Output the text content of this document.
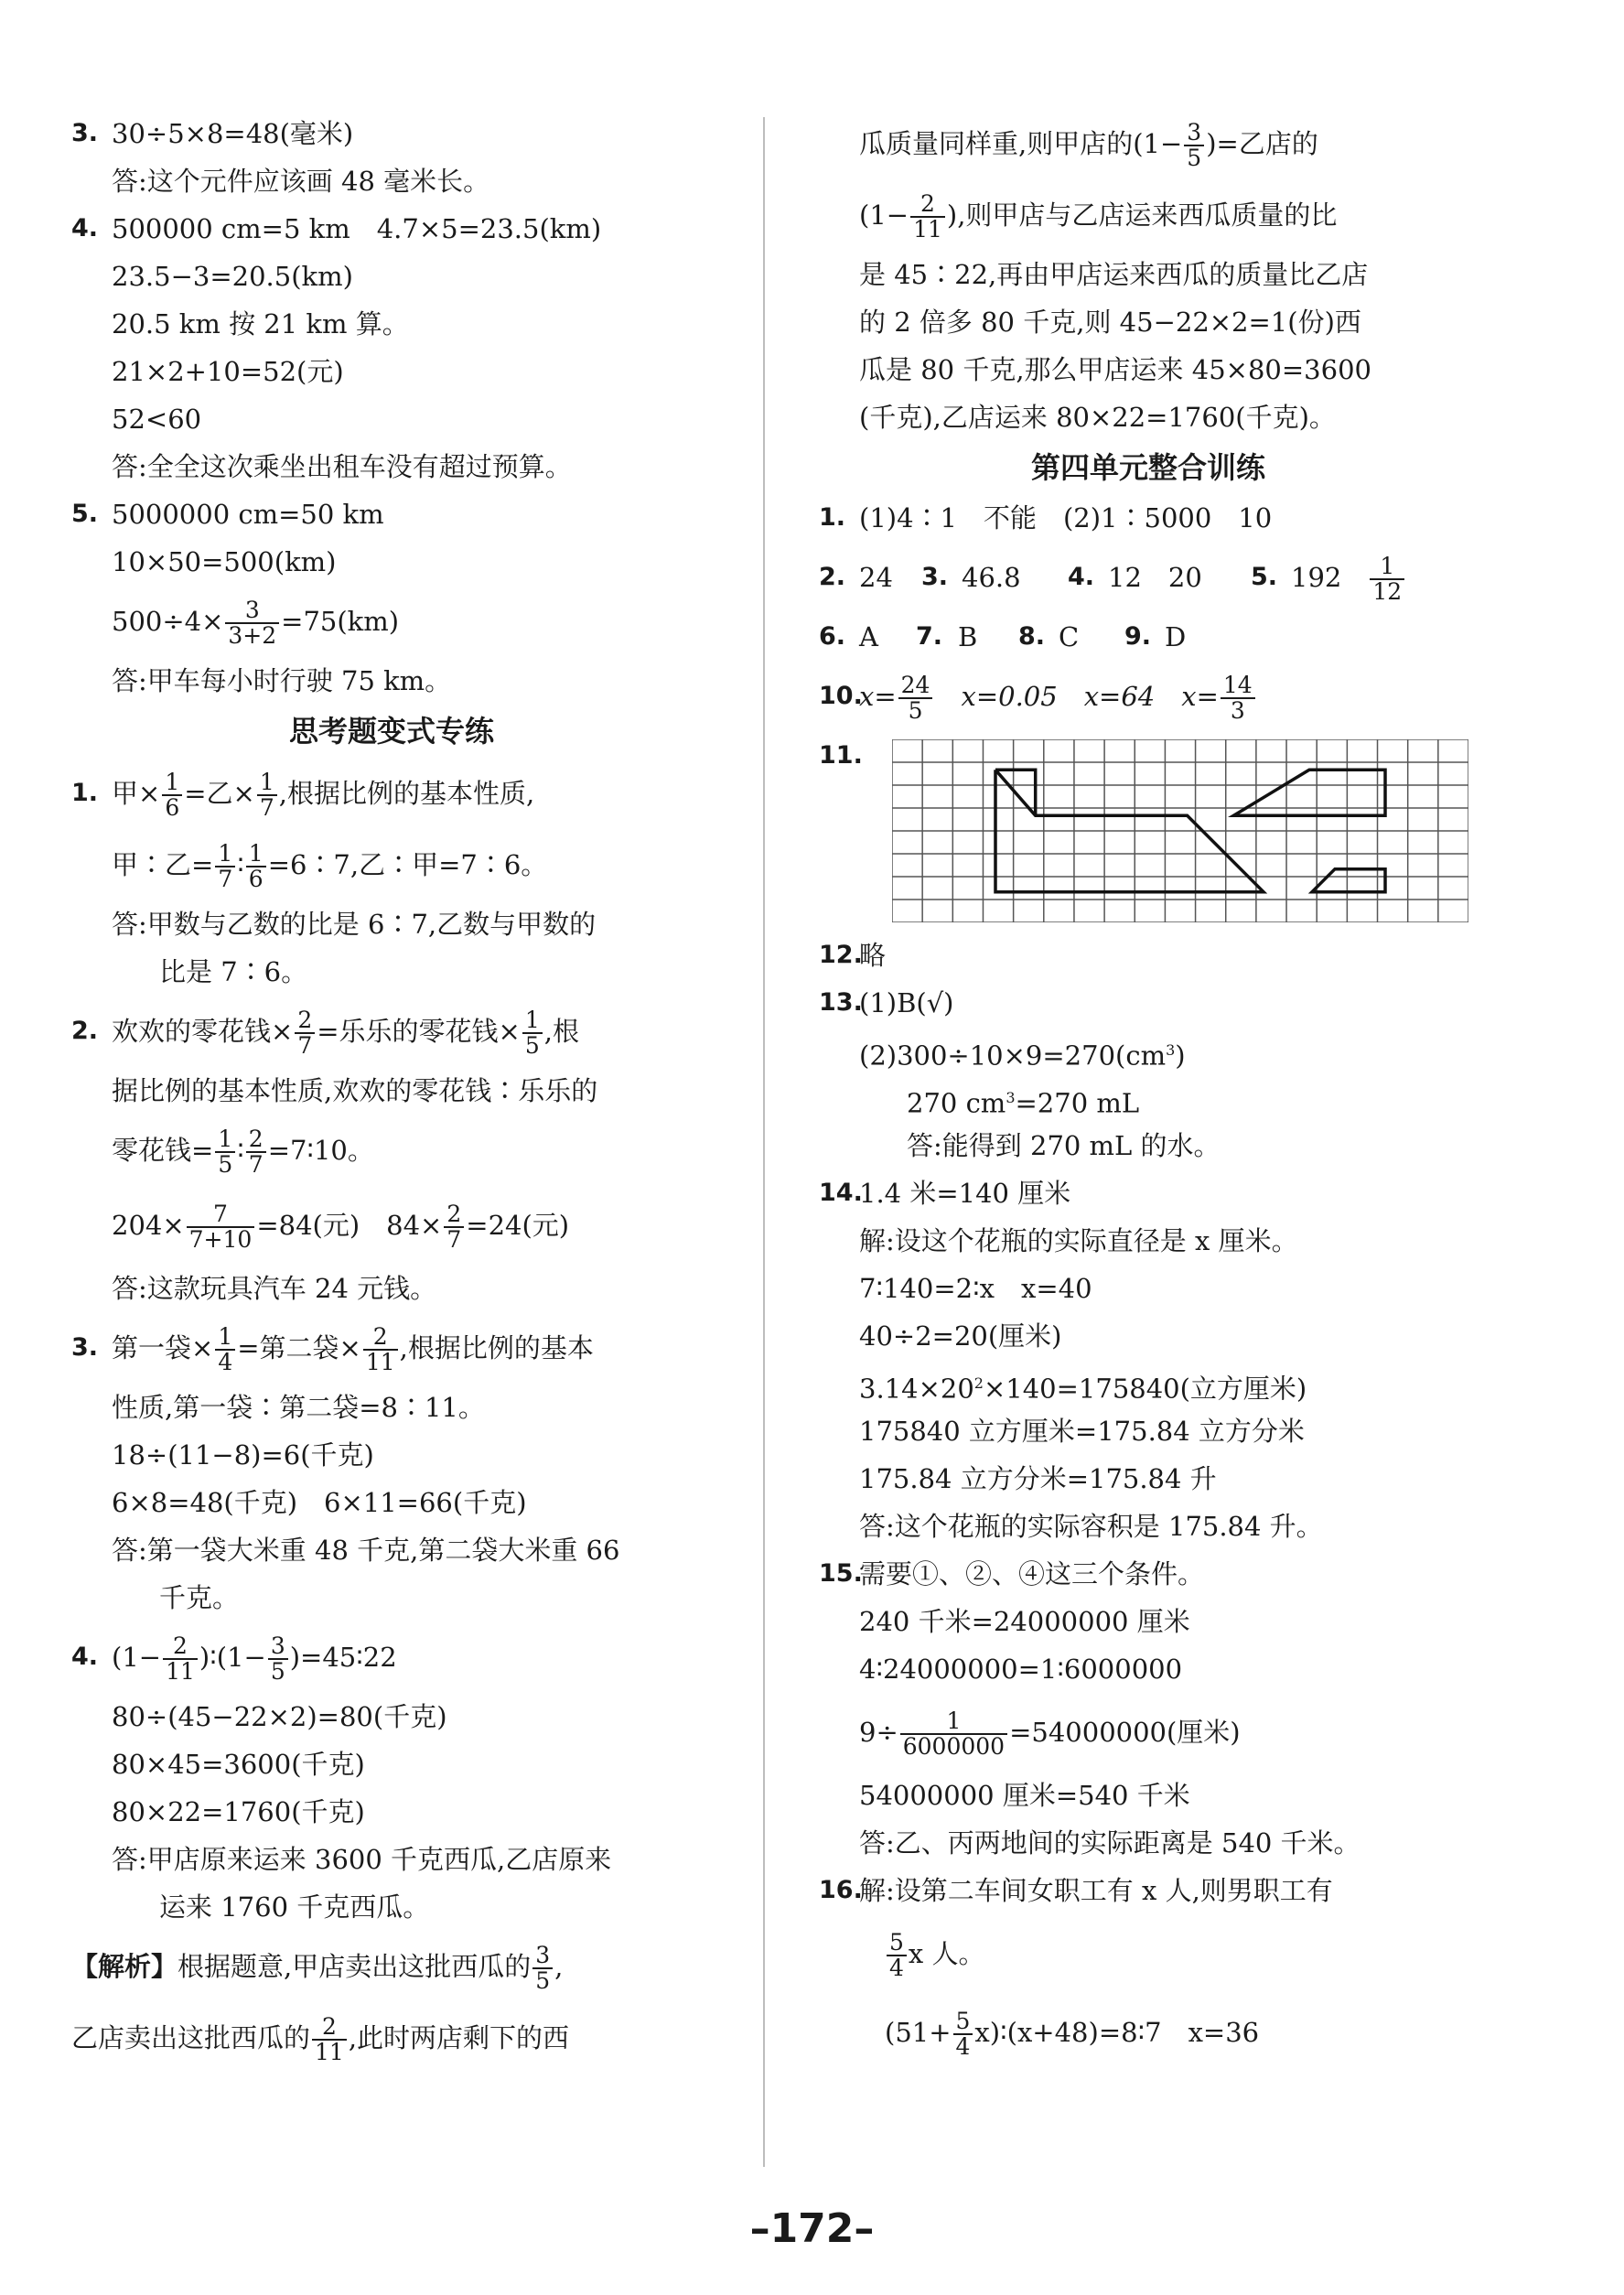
3. 30÷5×8=48(毫米)
答:这个元件应该画 48 毫米长。
4. 500000 cm=5 km　4.7×5=23.5(km)
23.5−3=20.5(km)
20.5 km 按 21 km 算。
21×2+10=52(元)
52<60
答:全全这次乘坐出租车没有超过预算。
5. 5000000 cm=50 km
10×50=500(km)
$500\div 4\times \frac{3}{3+2} =75(km)$
答:甲车每小时行驶 75 km。
思考题变式专练
1. 甲× $\frac{1}{6}$ =乙× $\frac{1}{7}$ ,根据比例的基本性质,
甲∶乙= $\frac{1}{7}$ ∶ $\frac{1}{6}$ =6∶7,乙∶甲=7∶6。
答:甲数与乙数的比是 6∶7,乙数与甲数的
比是 7∶6。
2. 欢欢的零花钱× $\frac{2}{7}$ =乐乐的零花钱× $\frac{1}{5}$ ,根
据比例的基本性质,欢欢的零花钱∶乐乐的
零花钱= $\frac{1}{5}$ ∶ $\frac{2}{7}$ =7∶10。
$204\times \frac{7}{7+10} =84$(元)　$84\times \frac{2}{7} =24$(元)
答:这款玩具汽车 24 元钱。
3. 第一袋× $\frac{1}{4}$ =第二袋× $\frac{2}{11}$ ,根据比例的基本
性质,第一袋∶第二袋=8∶11。
18÷(11−8)=6(千克)
6×8=48(千克)　6×11=66(千克)
答:第一袋大米重 48 千克,第二袋大米重 66
千克。
4. ($1- \frac{2}{11}$ )∶(1− $\frac{3}{5}$ )=45∶22
80÷(45−22×2)=80(千克)
80×45=3600(千克)
80×22=1760(千克)
答:甲店原来运来 3600 千克西瓜,乙店原来
运来 1760 千克西瓜。
【解析】根据题意,甲店卖出这批西瓜的 $\frac{3}{5}$ ,
乙店卖出这批西瓜的 $\frac{2}{11}$ ,此时两店剩下的西
瓜质量同样重,则甲店的($1- \frac{3}{5}$ )=乙店的
($1- \frac{2}{11}$ ),则甲店与乙店运来西瓜质量的比
是 45∶22,再由甲店运来西瓜的质量比乙店
的 2 倍多 80 千克,则 45−22×2=1(份)西
瓜是 80 千克,那么甲店运来 45×80=3600
(千克),乙店运来 80×22=1760(千克)。
第四单元整合训练
1. (1)4∶1　不能　(2)1∶5000　10
2. 24 3. 46.8 4. 12　20 5. 192　 $\frac{1}{12}$
6. A 7. B 8. C 9. D
10.
$x= \frac{24}{5}$ 　x=0.05　x=64　$x= \frac{14}{3}$
11.
12.
略
13.
(1)B(√)
$(2)300\div 10\times 9=270(cm^3)$
270 $cm^3=270$ mL
答:能得到 270 mL 的水。
14.
1.4 米=140 厘米
解:设这个花瓶的实际直径是 x 厘米。
7∶140=2∶x　x=40
40÷2=20(厘米)
$3.14\times 20^2\times 140=175840$(立方厘米)
175840 立方厘米=175.84 立方分米
175.84 立方分米=175.84 升
答:这个花瓶的实际容积是 175.84 升。
15.
需要①、②、④这三个条件。
240 千米=24000000 厘米
4∶24000000=1∶6000000
$9\div \frac{1}{6000000} =54000000$(厘米)
54000000 厘米=540 千米
答:乙、丙两地间的实际距离是 540 千米。
16.
解:设第二车间女职工有 x 人,则男职工有
$\frac{5}{4}$ x 人。
($51+ \frac{5}{4}$ x)∶(x+48)=8∶7　x=36
–172–
